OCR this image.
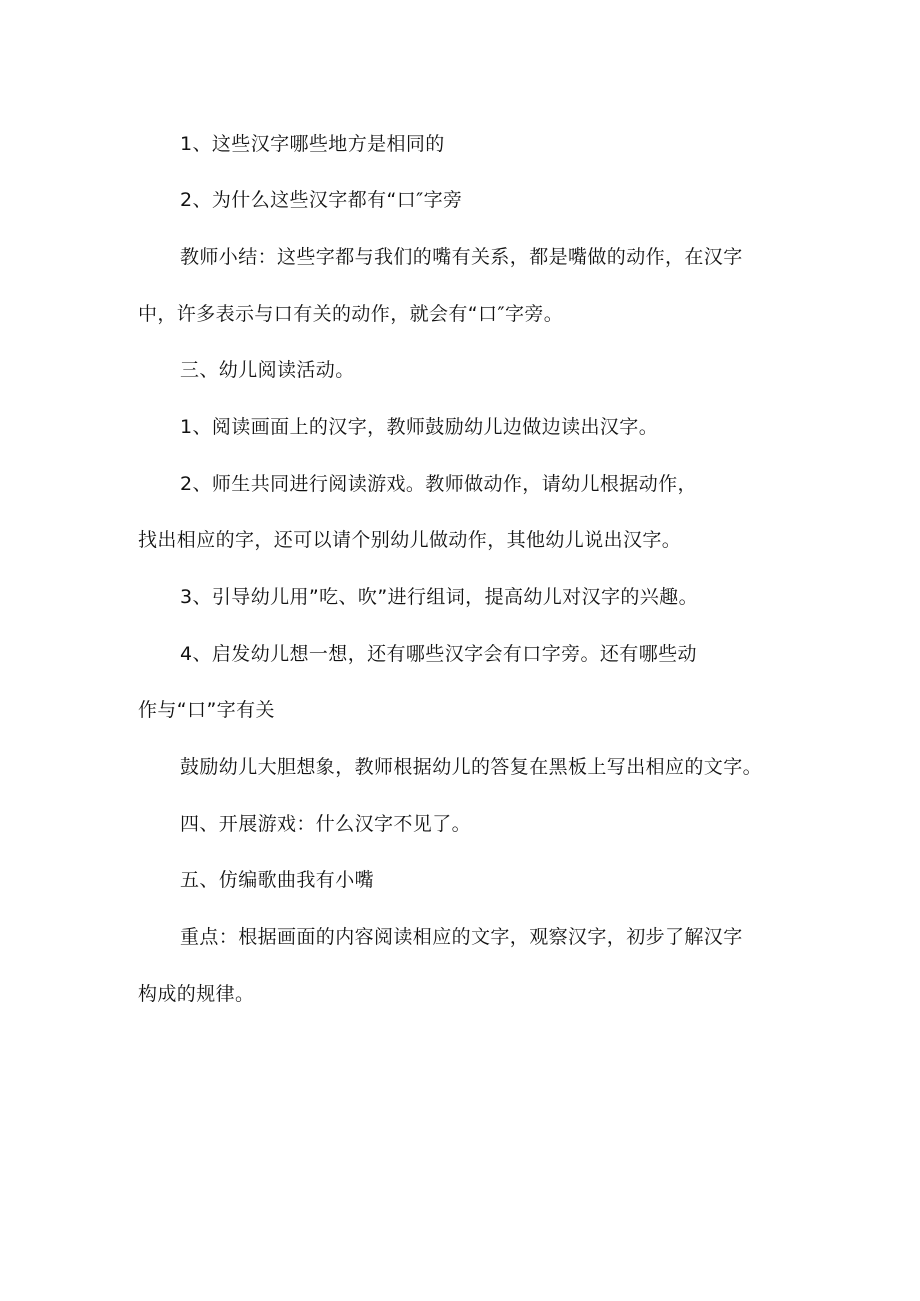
1、这些汉字哪些地方是相同的
2、为什么这些汉字都有“口″字旁
教师小结：这些字都与我们的嘴有关系，都是嘴做的动作，在汉字
中，许多表示与口有关的动作，就会有“口″字旁。
三、幼儿阅读活动。
1、阅读画面上的汉字，教师鼓励幼儿边做边读出汉字。
2、师生共同进行阅读游戏。教师做动作，请幼儿根据动作，
找出相应的字，还可以请个别幼儿做动作，其他幼儿说出汉字。
3、引导幼儿用”吃、吹”进行组词，提高幼儿对汉字的兴趣。
4、启发幼儿想一想，还有哪些汉字会有口字旁。还有哪些动
作与“口”字有关
鼓励幼儿大胆想象，教师根据幼儿的答复在黑板上写出相应的文字。
四、开展游戏：什么汉字不见了。
五、仿编歌曲我有小嘴
重点：根据画面的内容阅读相应的文字，观察汉字，初步了解汉字
构成的规律。
